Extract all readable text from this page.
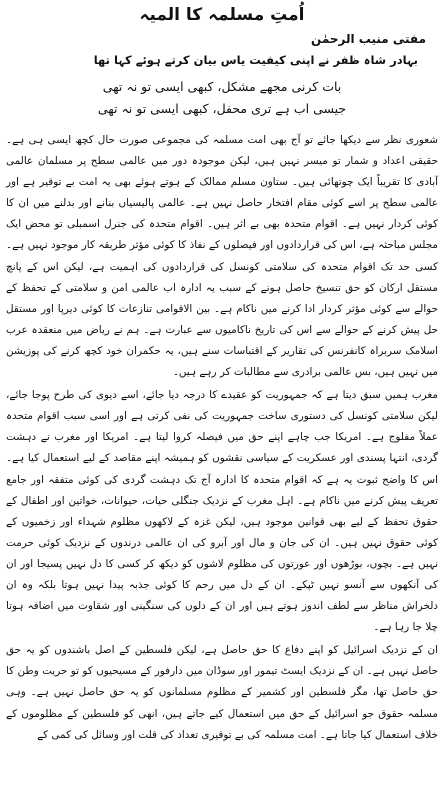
اُمتِ مسلمہ کا المیہ
مفتی منیب الرحمٰن
بہادر شاہ ظفر نے اپنی کیفیت یاس بیان کرتے ہوئے کہا تھا

بات کرنی مجھے مشکل، کبھی ایسی تو نہ تھی

جیسی اب ہے تری محفل، کبھی ایسی تو نہ تھی

شعوری نظر سے دیکھا جائے تو آج بھی امت مسلمہ کی مجموعی صورت حال کچھ ایسی ہی ہے۔ حقیقی اعداد و شمار تو میسر نہیں ہیں، لیکن موجودہ دور میں عالمی سطح پر مسلمان عالمی آبادی کا تقریباً ایک چوتھائی ہیں۔ ستاون مسلم ممالک کے ہوتے ہوئے بھی یہ امت بے توقیر ہے اور عالمی سطح پر اسے کوئی مقام افتخار حاصل نہیں ہے۔ عالمی پالیسیاں بنانے اور بدلنے میں ان کا کوئی کردار نہیں ہے۔ اقوام متحدہ بھی بے اثر ہیں۔ اقوام متحدہ کی جنرل اسمبلی تو محض ایک مجلس مباحثہ ہے، اس کی قراردادوں اور فیصلوں کے نفاذ کا کوئی مؤثر طریقہ کار موجود نہیں ہے۔ کسی حد تک اقوام متحدہ کی سلامتی کونسل کی قراردادوں کی اہمیت ہے، لیکن اس کے پانچ مستقل ارکان کو حق تنسیخ حاصل ہونے کے سبب یہ ادارہ اب عالمی امن و سلامتی کے تحفظ کے حوالے سے کوئی مؤثر کردار ادا کرنے میں ناکام ہے۔ بین الاقوامی تنازعات کا کوئی دیرپا اور مستقل حل پیش کرنے کے حوالے سے اس کی تاریخ ناکامیوں سے عبارت ہے۔ ہم نے ریاض میں منعقدہ عرب اسلامک سربراہ کانفرنس کی تقاریر کے اقتباسات سنے ہیں، یہ حکمران خود کچھ کرنے کی پوزیشن میں نہیں ہیں، بس عالمی برادری سے مطالبات کر رہے ہیں۔

مغرب ہمیں سبق دیتا ہے کہ جمہوریت کو عقیدے کا درجہ دیا جائے، اسے دیوی کی طرح پوجا جائے، لیکن سلامتی کونسل کی دستوری ساخت جمہوریت کی نفی کرتی ہے اور اسی سبب اقوام متحدہ عملاً مفلوج ہے۔ امریکا جب چاہے اپنے حق میں فیصلہ کروا لیتا ہے۔ امریکا اور مغرب نے دہشت گردی، انتہا پسندی اور عسکریت کے سیاسی نقشوں کو ہمیشہ اپنے مقاصد کے لیے استعمال کیا ہے۔ اس کا واضح ثبوت یہ ہے کہ اقوام متحدہ کا ادارہ آج تک دہشت گردی کی کوئی متفقہ اور جامع تعریف پیش کرنے میں ناکام ہے۔ اہل مغرب کے نزدیک جنگلی حیات، حیوانات، خواتین اور اطفال کے حقوق تحفظ کے لیے بھی قوانین موجود ہیں، لیکن غزہ کے لاکھوں مظلوم شہداء اور زخمیوں کے کوئی حقوق نہیں ہیں۔ ان کی جان و مال اور آبرو کی ان عالمی درندوں کے نزدیک کوئی حرمت نہیں ہے۔ بچوں، بوڑھوں اور عورتوں کی مظلوم لاشوں کو دیکھ کر کسی کا دل نہیں پسیجا اور ان کی آنکھوں سے آنسو نہیں ٹپکے۔ ان کے دل میں رحم کا کوئی جذبہ پیدا نہیں ہوتا بلکہ وہ ان دلخراش مناظر سے لطف اندوز ہوتے ہیں اور ان کے دلوں کی سنگینی اور شقاوت میں اضافہ ہوتا چلا جا رہا ہے۔

ان کے نزدیک اسرائیل کو اپنے دفاع کا حق حاصل ہے، لیکن فلسطین کے اصل باشندوں کو یہ حق حاصل نہیں ہے۔ ان کے نزدیک ایسٹ تیمور اور سوڈان میں دارفور کے مسیحیوں کو تو حریت وطن کا حق حاصل تھا، مگر فلسطین اور کشمیر کے مظلوم مسلمانوں کو یہ حق حاصل نہیں ہے۔ وہی مسلمہ حقوق جو اسرائیل کے حق میں استعمال کیے جاتے ہیں، انھی کو فلسطین کے مظلوموں کے خلاف استعمال کیا جاتا ہے۔ امت مسلمہ کی بے توقیری تعداد کی قلت اور وسائل کی کمی کے
